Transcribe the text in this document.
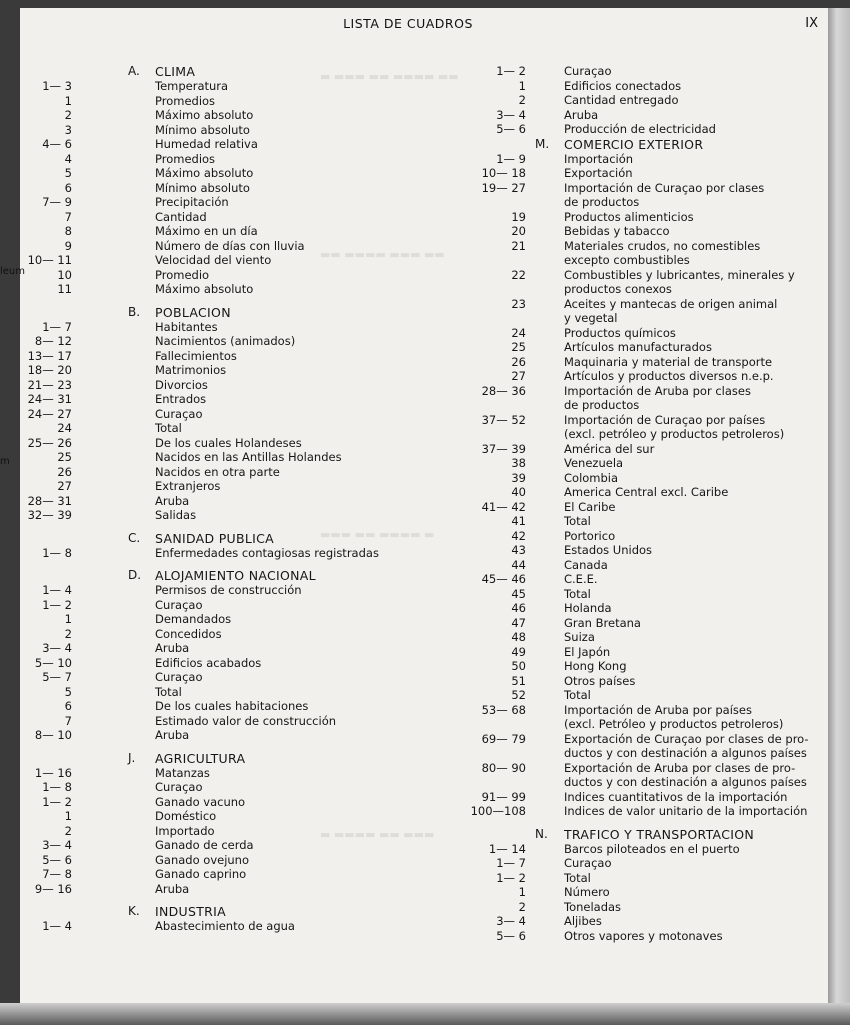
LISTA DE CUADROS	IX
▬ ▬▬▬ ▬▬ ▬▬▬▬ ▬▬
▬▬ ▬▬▬▬ ▬▬▬ ▬▬
▬▬▬ ▬▬ ▬▬▬▬ ▬
▬ ▬▬▬▬ ▬▬ ▬▬▬
A. CLIMA
1— 3	Temperatura
1	Promedios
2	Máximo absoluto
3	Mínimo absoluto
4— 6	Humedad relativa
4	Promedios
5	Máximo absoluto
6	Mínimo absoluto
7— 9	Precipitación
7	Cantidad
8	Máximo en un día
9	Número de días con lluvia
10— 11	Velocidad del viento
10	Promedio
11	Máximo absoluto
B. POBLACION
1— 7	Habitantes
8— 12	Nacimientos (animados)
13— 17	Fallecimientos
18— 20	Matrimonios
21— 23	Divorcios
24— 31	Entrados
24— 27	Curaçao
24	Total
25— 26	De los cuales Holandeses
25	Nacidos en las Antillas Holandes
26	Nacidos en otra parte
27	Extranjeros
28— 31	Aruba
32— 39	Salidas
C. SANIDAD PUBLICA
1— 8	Enfermedades contagiosas registradas
D. ALOJAMIENTO NACIONAL
1— 4	Permisos de construcción
1— 2	Curaçao
1	Demandados
2	Concedidos
3— 4	Aruba
5— 10	Edificios acabados
5— 7	Curaçao
5	Total
6	De los cuales habitaciones
7	Estimado valor de construcción
8— 10	Aruba
J. AGRICULTURA
1— 16	Matanzas
1— 8	Curaçao
1— 2	Ganado vacuno
1	Doméstico
2	Importado
3— 4	Ganado de cerda
5— 6	Ganado ovejuno
7— 8	Ganado caprino
9— 16	Aruba
K. INDUSTRIA
1— 4	Abastecimiento de agua
1— 2	Curaçao
1	Edificios conectados
2	Cantidad entregado
3— 4	Aruba
5— 6	Producción de electricidad
M. COMERCIO EXTERIOR
1— 9	Importación
10— 18	Exportación
19— 27	Importación de Curaçao por clases
de productos
19	Productos alimenticios
20	Bebidas y tabacco
21	Materiales crudos, no comestibles
excepto combustibles
22	Combustibles y lubricantes, minerales y
productos conexos
23	Aceites y mantecas de origen animal
y vegetal
24	Productos químicos
25	Artículos manufacturados
26	Maquinaria y material de transporte
27	Artículos y productos diversos n.e.p.
28— 36	Importación de Aruba por clases
de productos
37— 52	Importación de Curaçao por países
(excl. petróleo y productos petroleros)
37— 39	América del sur
38	Venezuela
39	Colombia
40	America Central excl. Caribe
41— 42	El Caribe
41	Total
42	Portorico
43	Estados Unidos
44	Canada
45— 46	C.E.E.
45	Total
46	Holanda
47	Gran Bretana
48	Suiza
49	El Japón
50	Hong Kong
51	Otros países
52	Total
53— 68	Importación de Aruba por países
(excl. Petróleo y productos petroleros)
69— 79	Exportación de Curaçao por clases de pro-
ductos y con destinación a algunos países
80— 90	Exportación de Aruba por clases de pro-
ductos y con destinación a algunos países
91— 99	Indices cuantitativos de la importación
100—108	Indices de valor unitario de la importación
N. TRAFICO Y TRANSPORTACION
1— 14	Barcos piloteados en el puerto
1— 7	Curaçao
1— 2	Total
1	Número
2	Toneladas
3— 4	Aljibes
5— 6	Otros vapores y motonaves
leum
m
